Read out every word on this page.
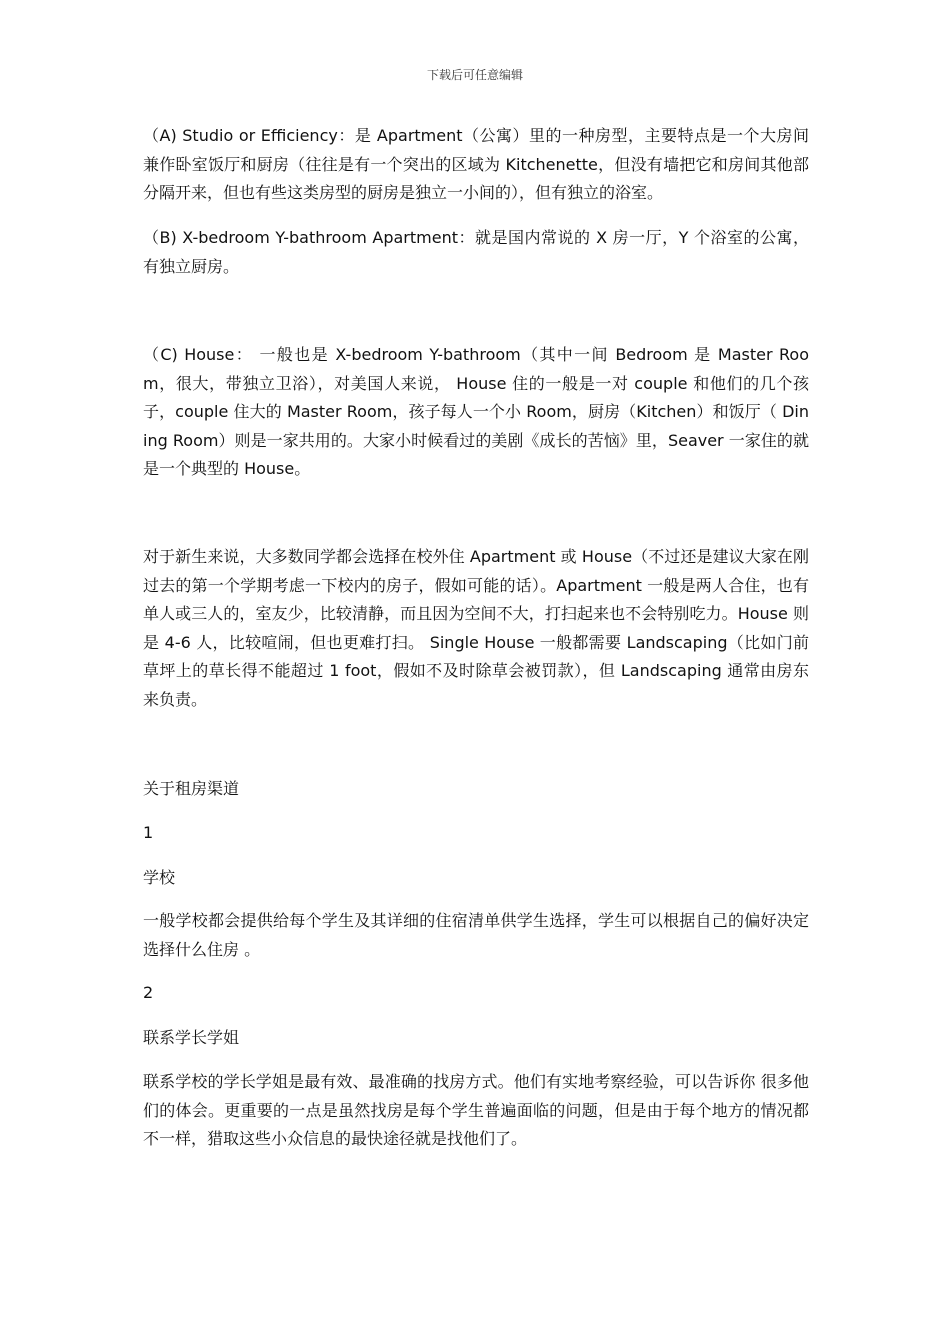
下载后可任意编辑

（A) Studio or Efficiency：是 Apartment（公寓）里的一种房型，主要特点是一个大房间兼作卧室饭厅和厨房（往往是有一个突出的区域为 Kitchenette，但没有墙把它和房间其他部分隔开来，但也有些这类房型的厨房是独立一小间的），但有独立的浴室。

（B) X-bedroom Y-bathroom Apartment：就是国内常说的 X 房一厅，Y 个浴室的公寓，有独立厨房。

（C) House： 一般也是 X-bedroom Y-bathroom（其中一间 Bedroom 是 Master Room，很大，带独立卫浴），对美国人来说， House 住的一般是一对 couple 和他们的几个孩子，couple 住大的 Master Room，孩子每人一个小 Room，厨房（Kitchen）和饭厅（ Dining Room）则是一家共用的。大家小时候看过的美剧《成长的苦恼》里，Seaver 一家住的就是一个典型的 House。

对于新生来说，大多数同学都会选择在校外住 Apartment 或 House（不过还是建议大家在刚过去的第一个学期考虑一下校内的房子，假如可能的话）。Apartment 一般是两人合住，也有单人或三人的，室友少，比较清静，而且因为空间不大，打扫起来也不会特别吃力。House 则是 4-6 人，比较喧闹，但也更难打扫。 Single House 一般都需要 Landscaping（比如门前草坪上的草长得不能超过 1 foot，假如不及时除草会被罚款），但 Landscaping 通常由房东来负责。

关于租房渠道

1

学校

一般学校都会提供给每个学生及其详细的住宿清单供学生选择，学生可以根据自己的偏好决定选择什么住房 。

2

联系学长学姐

联系学校的学长学姐是最有效、最准确的找房方式。他们有实地考察经验，可以告诉你 很多他们的体会。更重要的一点是虽然找房是每个学生普遍面临的问题，但是由于每个地方的情况都不一样，猎取这些小众信息的最快途径就是找他们了。
